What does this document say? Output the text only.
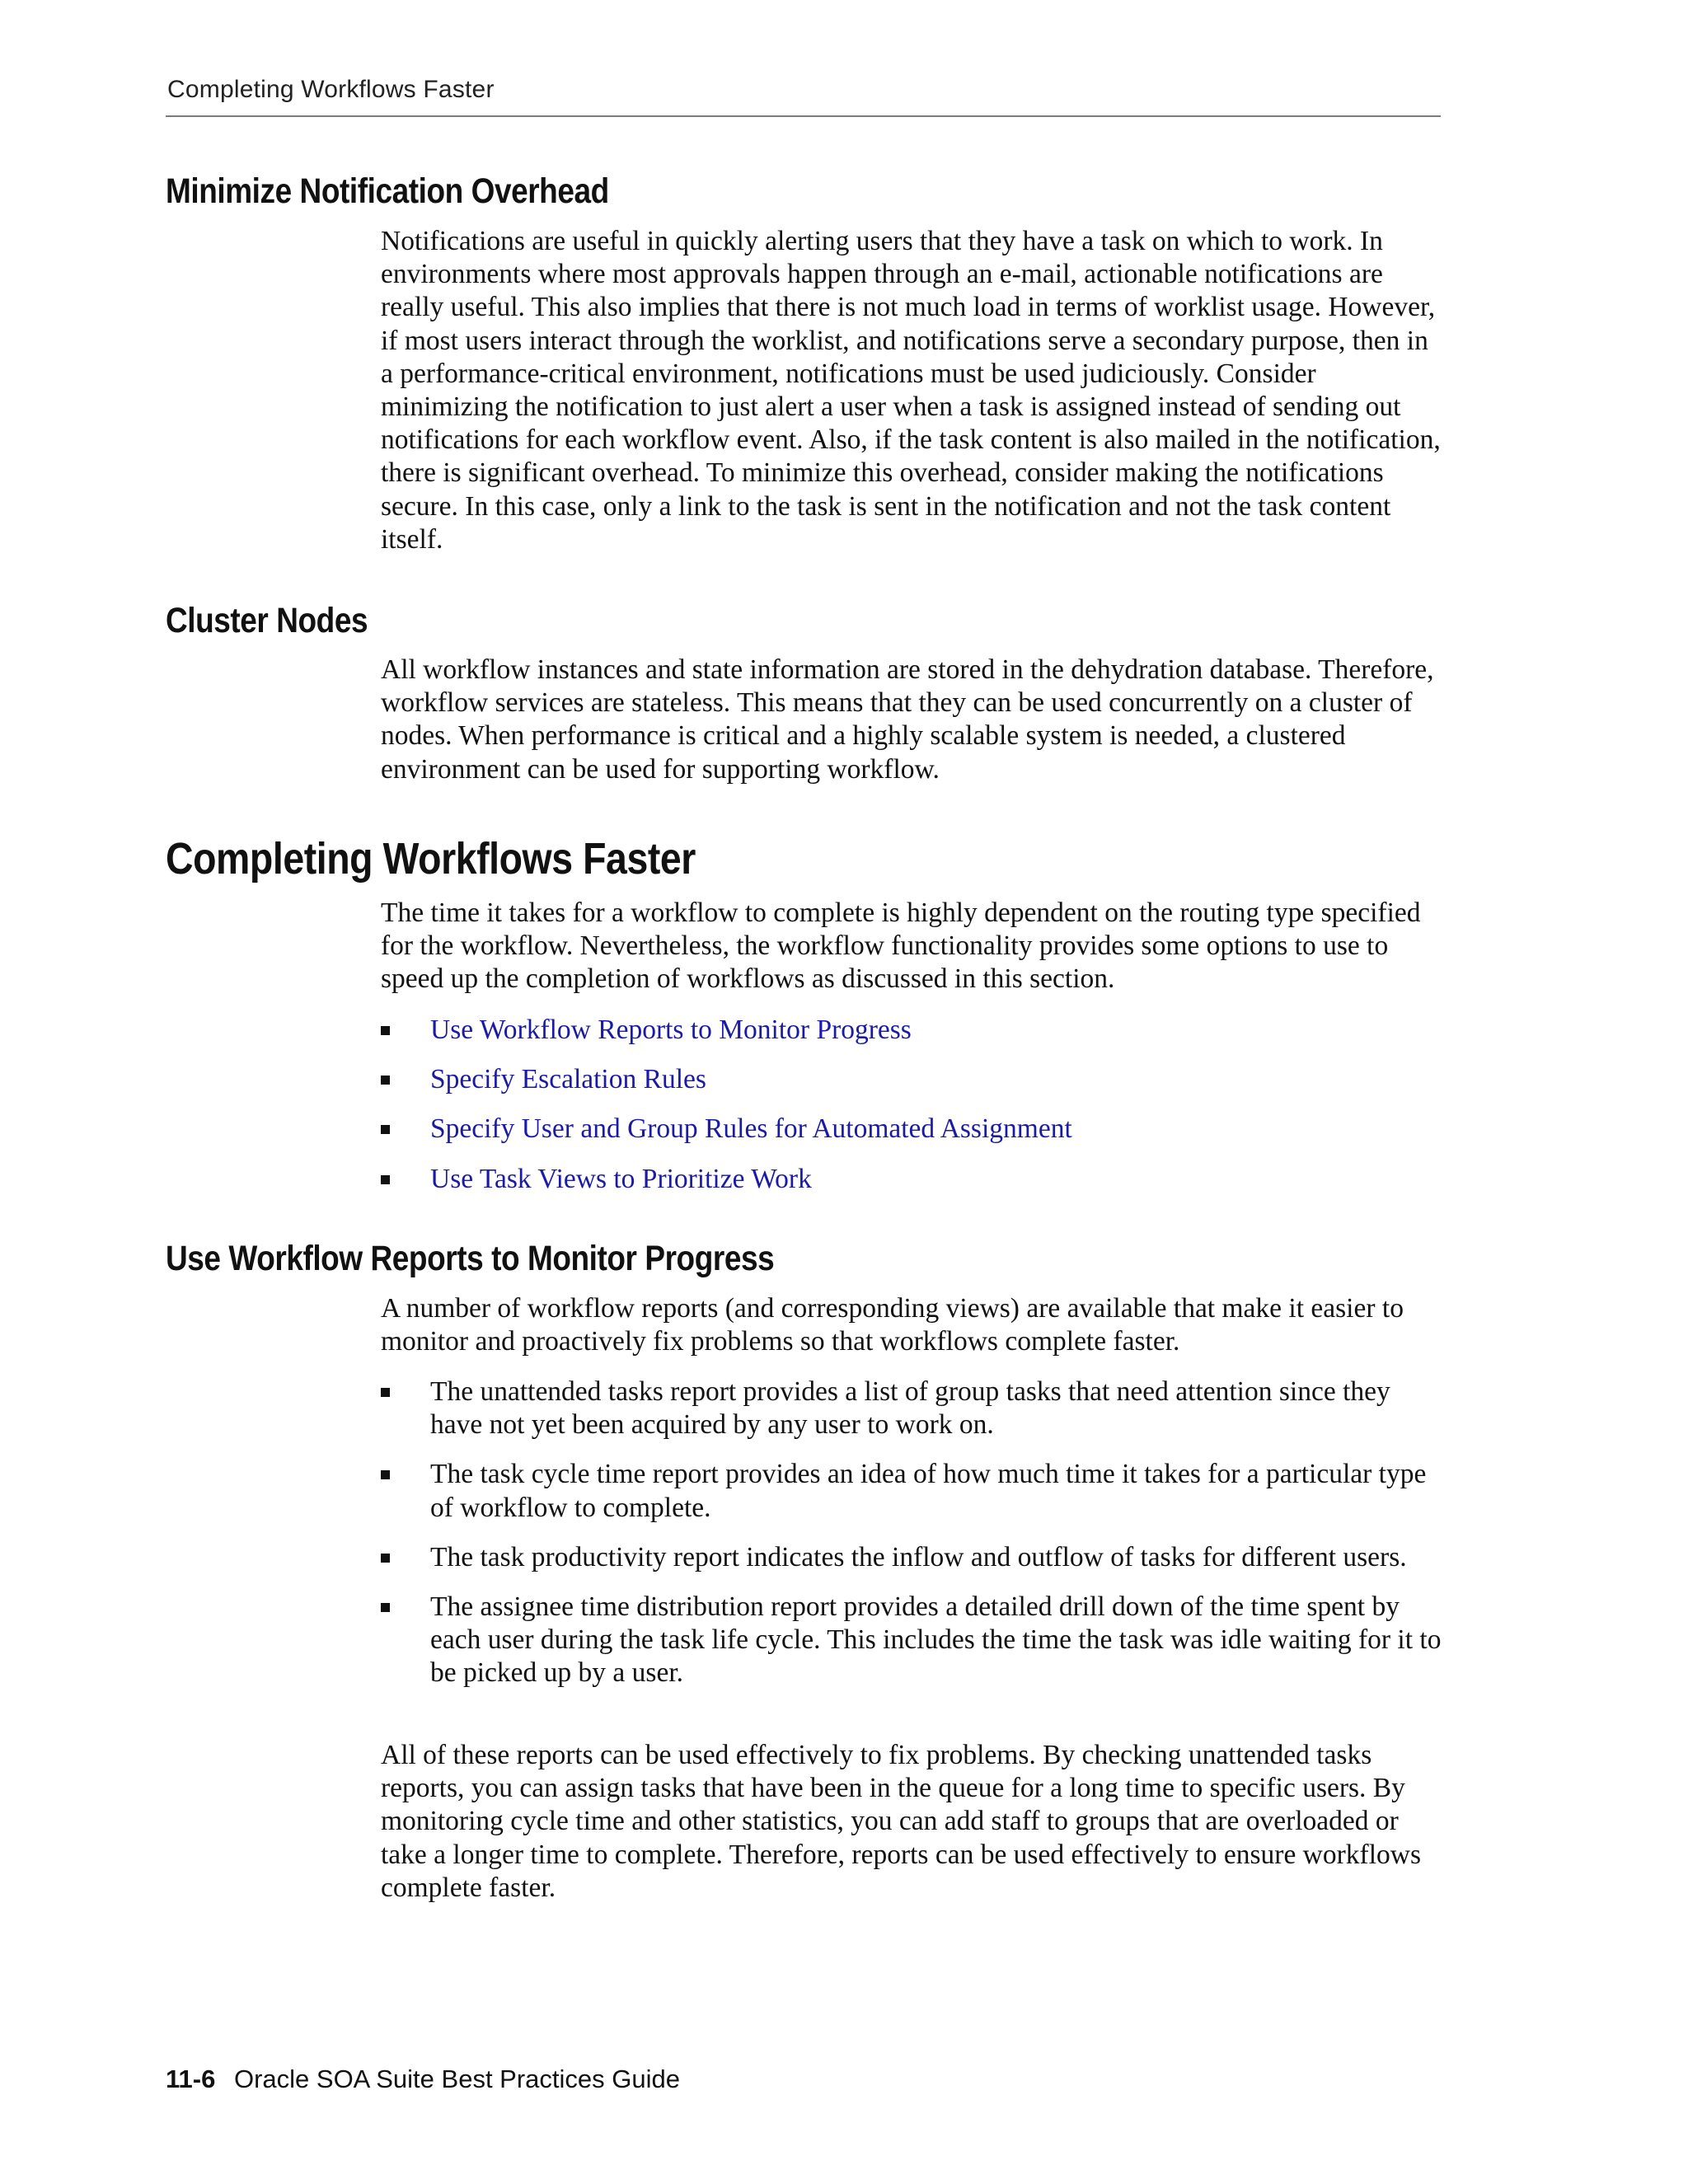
Completing Workflows Faster
Minimize Notification Overhead

Notifications are useful in quickly alerting users that they have a task on which to work. In environments where most approvals happen through an e-mail, actionable notifications are really useful. This also implies that there is not much load in terms of worklist usage. However, if most users interact through the worklist, and notifications serve a secondary purpose, then in a performance-critical environment, notifications must be used judiciously. Consider minimizing the notification to just alert a user when a task is assigned instead of sending out notifications for each workflow event. Also, if the task content is also mailed in the notification, there is significant overhead. To minimize this overhead, consider making the notifications secure. In this case, only a link to the task is sent in the notification and not the task content itself.

Cluster Nodes

All workflow instances and state information are stored in the dehydration database. Therefore, workflow services are stateless. This means that they can be used concurrently on a cluster of nodes. When performance is critical and a highly scalable system is needed, a clustered environment can be used for supporting workflow.

Completing Workflows Faster

The time it takes for a workflow to complete is highly dependent on the routing type specified for the workflow. Nevertheless, the workflow functionality provides some options to use to speed up the completion of workflows as discussed in this section.

Use Workflow Reports to Monitor Progress
Specify Escalation Rules
Specify User and Group Rules for Automated Assignment
Use Task Views to Prioritize Work
Use Workflow Reports to Monitor Progress

A number of workflow reports (and corresponding views) are available that make it easier to monitor and proactively fix problems so that workflows complete faster.

The unattended tasks report provides a list of group tasks that need attention since they have not yet been acquired by any user to work on.
The task cycle time report provides an idea of how much time it takes for a particular type of workflow to complete.
The task productivity report indicates the inflow and outflow of tasks for different users.
The assignee time distribution report provides a detailed drill down of the time spent by each user during the task life cycle. This includes the time the task was idle waiting for it to be picked up by a user.

All of these reports can be used effectively to fix problems. By checking unattended tasks reports, you can assign tasks that have been in the queue for a long time to specific users. By monitoring cycle time and other statistics, you can add staff to groups that are overloaded or take a longer time to complete. Therefore, reports can be used effectively to ensure workflows complete faster.

11-6 Oracle SOA Suite Best Practices Guide
